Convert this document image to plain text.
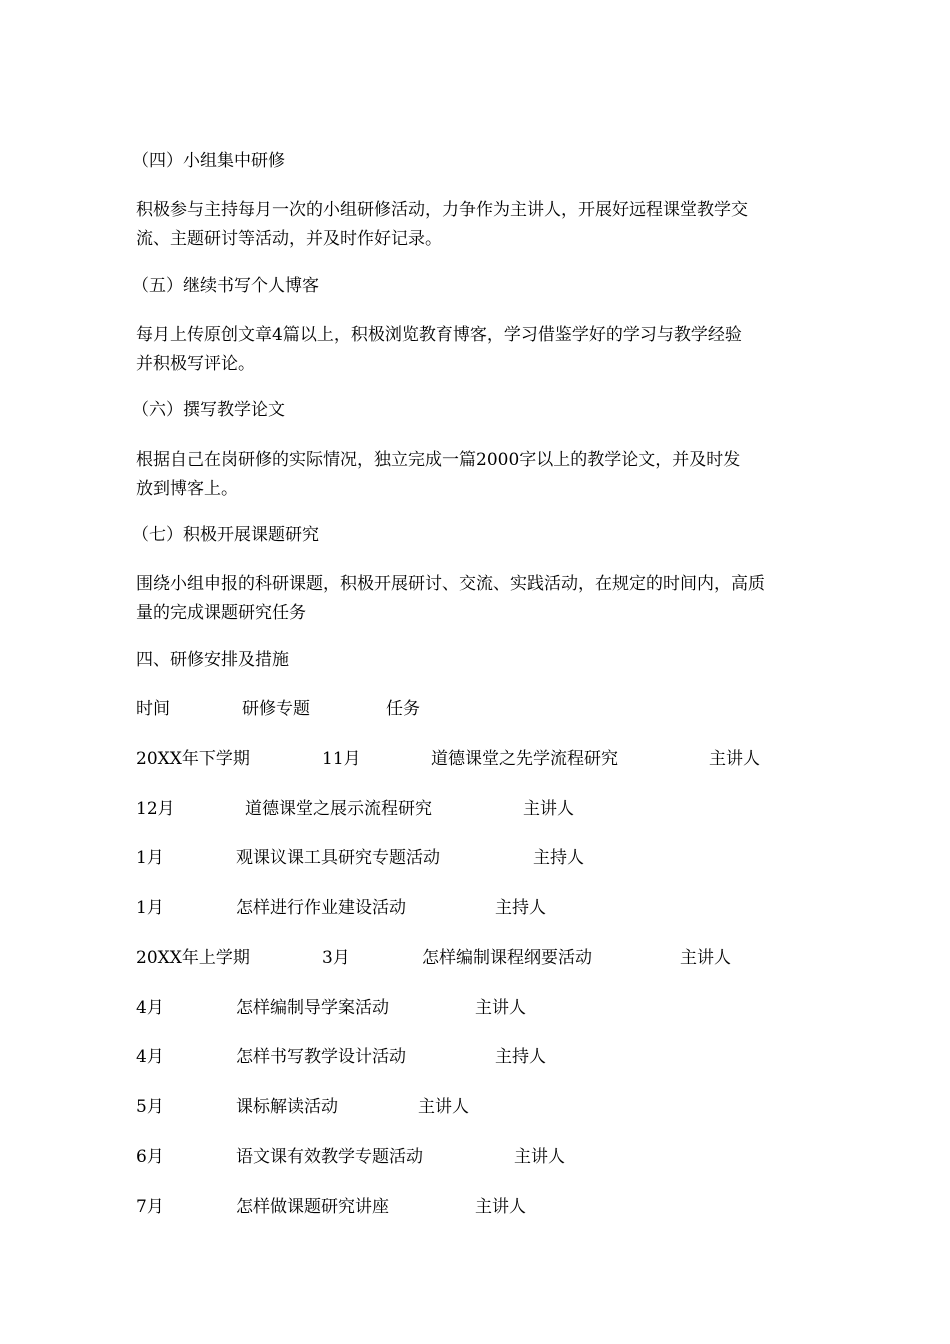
（四）小组集中研修
积极参与主持每月一次的小组研修活动，力争作为主讲人，开展好远程课堂教学交
流、主题研讨等活动，并及时作好记录。
（五）继续书写个人博客
每月上传原创文章4篇以上，积极浏览教育博客，学习借鉴学好的学习与教学经验
并积极写评论。
（六）撰写教学论文
根据自己在岗研修的实际情况，独立完成一篇2000字以上的教学论文，并及时发
放到博客上。
（七）积极开展课题研究
围绕小组申报的科研课题，积极开展研讨、交流、实践活动，在规定的时间内，高质
量的完成课题研究任务
四、研修安排及措施
时间	研修专题	任务
20XX年下学期	11月	道德课堂之先学流程研究	主讲人
12月	道德课堂之展示流程研究	主讲人
1月	观课议课工具研究专题活动	主持人
1月	怎样进行作业建设活动	主持人
20XX年上学期	3月	怎样编制课程纲要活动	主讲人
4月	怎样编制导学案活动	主讲人
4月	怎样书写教学设计活动	主持人
5月	课标解读活动	主讲人
6月	语文课有效教学专题活动	主讲人
7月	怎样做课题研究讲座	主讲人
